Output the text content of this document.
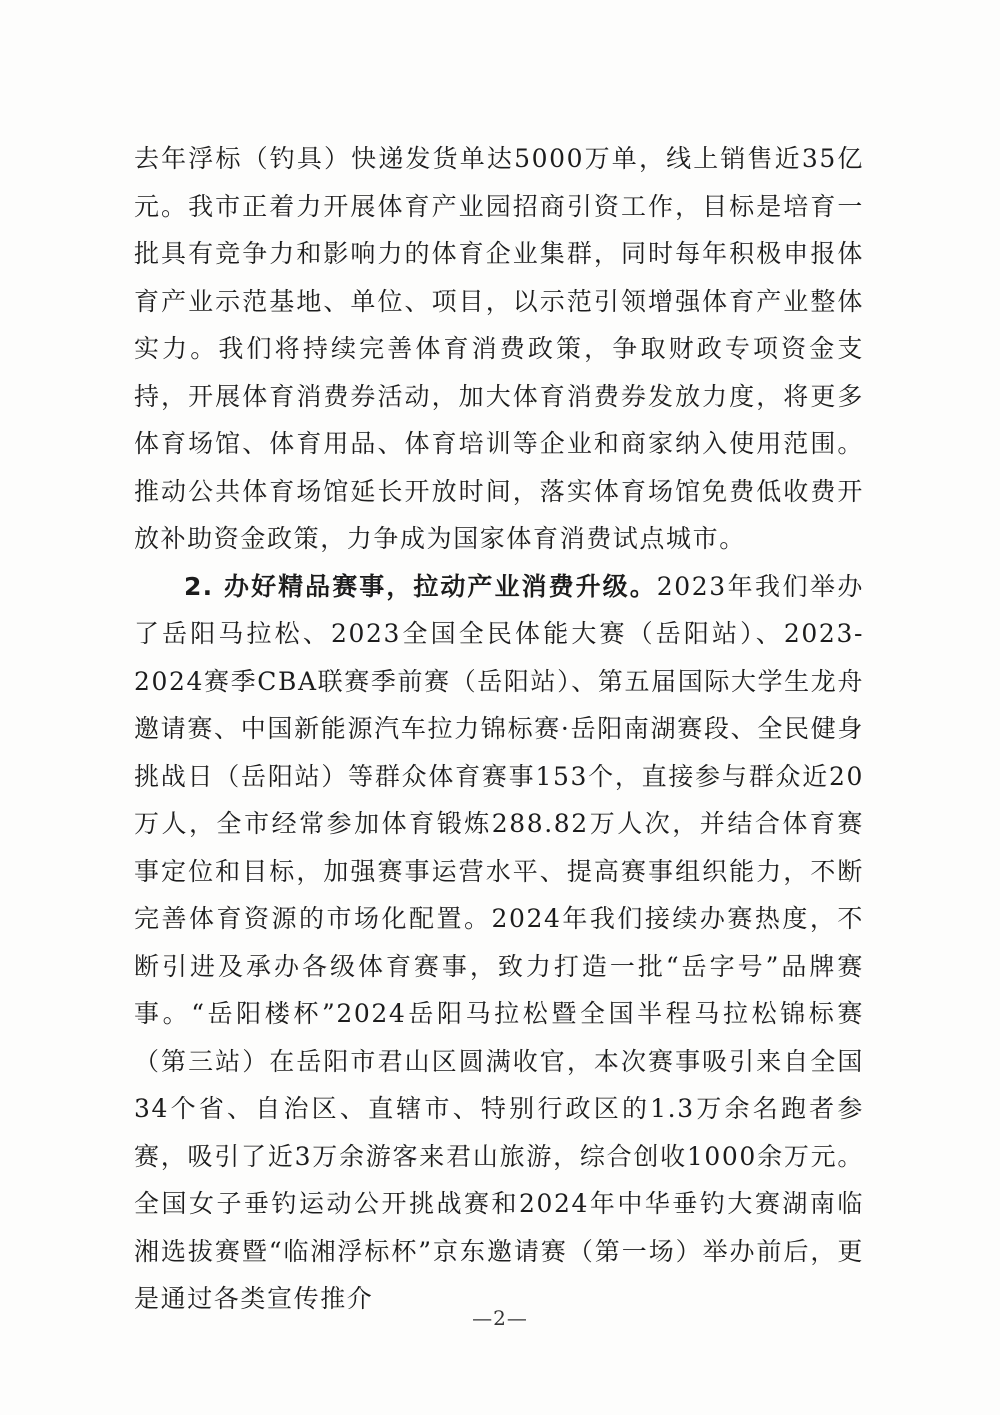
去年浮标（钓具）快递发货单达5000万单，线上销售近35亿元。我市正着力开展体育产业园招商引资工作，目标是培育一批具有竞争力和影响力的体育企业集群，同时每年积极申报体育产业示范基地、单位、项目，以示范引领增强体育产业整体实力。我们将持续完善体育消费政策，争取财政专项资金支持，开展体育消费券活动，加大体育消费券发放力度，将更多体育场馆、体育用品、体育培训等企业和商家纳入使用范围。推动公共体育场馆延长开放时间，落实体育场馆免费低收费开放补助资金政策，力争成为国家体育消费试点城市。

2. 办好精品赛事，拉动产业消费升级。2023年我们举办了岳阳马拉松、2023全国全民体能大赛（岳阳站）、2023-2024赛季CBA联赛季前赛（岳阳站）、第五届国际大学生龙舟邀请赛、中国新能源汽车拉力锦标赛·岳阳南湖赛段、全民健身挑战日（岳阳站）等群众体育赛事153个，直接参与群众近20万人，全市经常参加体育锻炼288.82万人次，并结合体育赛事定位和目标，加强赛事运营水平、提高赛事组织能力，不断完善体育资源的市场化配置。2024年我们接续办赛热度，不断引进及承办各级体育赛事，致力打造一批“岳字号”品牌赛事。“岳阳楼杯”2024岳阳马拉松暨全国半程马拉松锦标赛（第三站）在岳阳市君山区圆满收官，本次赛事吸引来自全国34个省、自治区、直辖市、特别行政区的1.3万余名跑者参赛，吸引了近3万余游客来君山旅游，综合创收1000余万元。全国女子垂钓运动公开挑战赛和2024年中华垂钓大赛湖南临湘选拔赛暨“临湘浮标杯”京东邀请赛（第一场）举办前后，更是通过各类宣传推介

—2—
